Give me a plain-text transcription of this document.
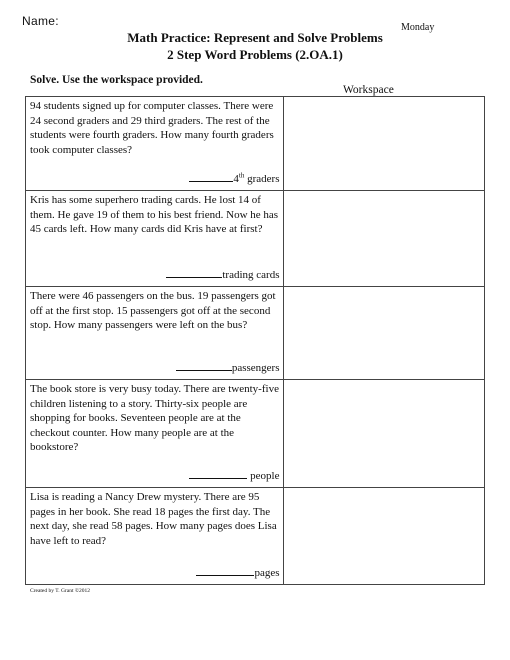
Name:	Monday
Math Practice: Represent and Solve Problems
2 Step Word Problems (2.OA.1)
Solve. Use the workspace provided.
Workspace
94 students signed up for computer classes. There were 24 second graders and 29 third graders. The rest of the students were fourth graders. How many fourth graders took computer classes?
4th graders	

Kris has some superhero trading cards. He lost 14 of them. He gave 19 of them to his best friend. Now he has 45 cards left. How many cards did Kris have at first?
trading cards	

There were 46 passengers on the bus. 19 passengers got off at the first stop. 15 passengers got off at the second stop. How many passengers were left on the bus?
passengers	

The book store is very busy today. There are twenty-five children listening to a story. Thirty-six people are shopping for books. Seventeen people are at the checkout counter. How many people are at the bookstore?
people	

Lisa is reading a Nancy Drew mystery. There are 95 pages in her book. She read 18 pages the first day. The next day, she read 58 pages. How many pages does Lisa have left to read?
pages	

Created by T. Grant ©2012
